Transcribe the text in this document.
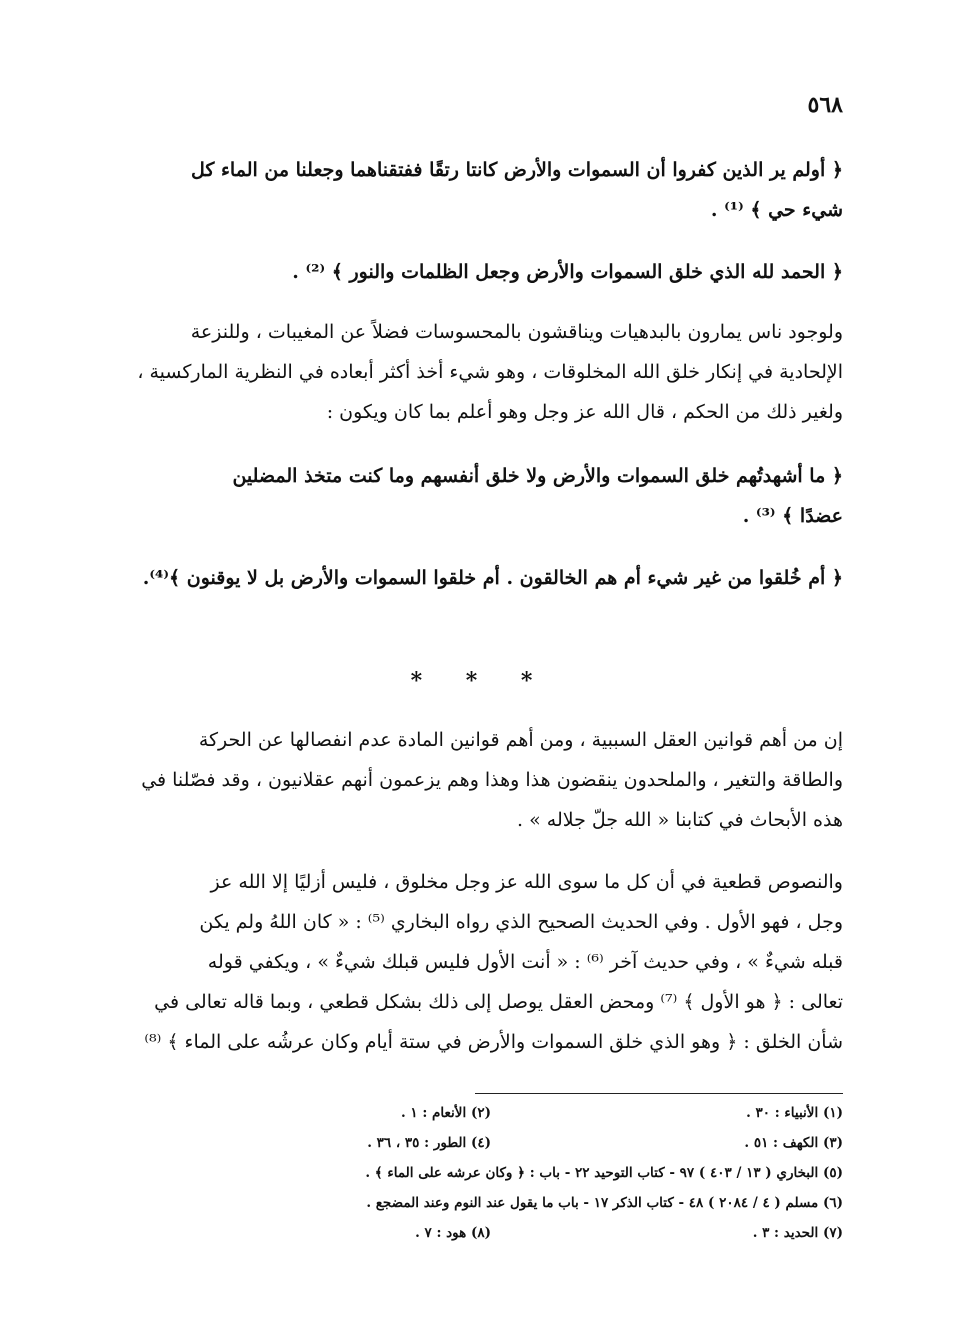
٥٦٨
﴿ أولم ير الذين كفروا أن السموات والأرض كانتا رتقًا ففتقناهما وجعلنا من الماء كل
شيء حي ﴾ ⁽¹⁾ .
﴿ الحمد لله الذي خلق السموات والأرض وجعل الظلمات والنور ﴾ ⁽²⁾ .
ولوجود ناس يمارون بالبدهيات ويناقشون بالمحسوسات فضلاً عن المغيبات ، وللنزعة
الإلحادية في إنكار خلق الله المخلوقات ، وهو شيء أخذ أكثر أبعاده في النظرية الماركسية ،
ولغير ذلك من الحكم ، قال الله عز وجل وهو أعلم بما كان ويكون :
﴿ ما أشهدتُهم خلق السموات والأرض ولا خلق أنفسهم وما كنت متخذ المضلين
عضدًا ﴾ ⁽³⁾ .
﴿ أم خُلقوا من غير شيء أم هم الخالقون . أم خلقوا السموات والأرض بل لا يوقنون ﴾⁽⁴⁾.
* * *
إن من أهم قوانين العقل السببية ، ومن أهم قوانين المادة عدم انفصالها عن الحركة
والطاقة والتغير ، والملحدون ينقضون هذا وهذا وهم يزعمون أنهم عقلانيون ، وقد فصّلنا في
هذه الأبحاث في كتابنا « الله جلّ جلاله » .
والنصوص قطعية في أن كل ما سوى الله عز وجل مخلوق ، فليس أزليًا إلا الله عز
وجل ، فهو الأول . وفي الحديث الصحيح الذي رواه البخاري ⁽⁵⁾ : « كان اللهُ ولم يكن
قبله شيءٌ » ، وفي حديث آخر ⁽⁶⁾ : « أنت الأول فليس قبلك شيءٌ » ، ويكفي قوله
تعالى : ﴿ هو الأول ﴾ ⁽⁷⁾ ومحض العقل يوصل إلى ذلك بشكل قطعي ، وبما قاله تعالى في
شأن الخلق : ﴿ وهو الذي خلق السموات والأرض في ستة أيام وكان عرشُه على الماء ﴾ ⁽⁸⁾
(١) الأنبياء : ٣٠ .
(٢) الأنعام : ١ .
(٣) الكهف : ٥١ .
(٤) الطور : ٣٥ ، ٣٦ .
(٥) البخاري ( ١٣ / ٤٠٣ ) ٩٧ - كتاب التوحيد ٢٢ - باب : ﴿ وكان عرشه على الماء ﴾ .
(٦) مسلم ( ٤ / ٢٠٨٤ ) ٤٨ - كتاب الذكر ١٧ - باب ما يقول عند النوم وعند المضجع .
(٧) الحديد : ٣ .
(٨) هود : ٧ .
